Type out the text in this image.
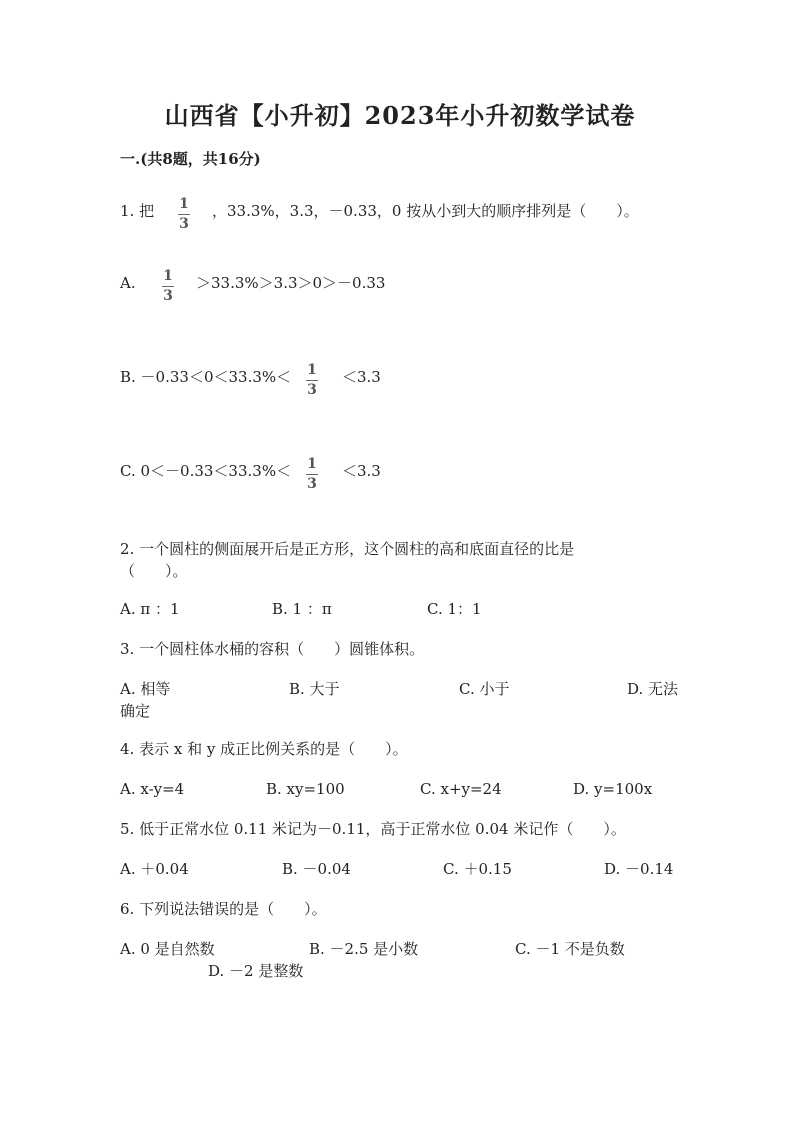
山西省【小升初】2023年小升初数学试卷
一.(共8题，共16分)
1. 把 1
3
，33.3%，3.3，－0.33，0 按从小到大的顺序排列是（　　）。
A. 1
3
＞33.3%＞3.3＞0＞－0.33
B. －0.33＜0＜33.3%＜ 1
3
＜3.3
C. 0＜－0.33＜33.3%＜ 1
3
＜3.3
2. 一个圆柱的侧面展开后是正方形，这个圆柱的高和底面直径的比是
（　　）。
A. π ：1	B. 1 ：π	C. 1：1
3. 一个圆柱体水桶的容积（　　）圆锥体积。
A. 相等	B. 大于	C. 小于	D. 无法
确定
4. 表示 x 和 y 成正比例关系的是（　　）。
A. x-y=4	B. xy=100	C. x+y=24	D. y=100x
5. 低于正常水位 0.11 米记为－0.11，高于正常水位 0.04 米记作（　　）。
A. ＋0.04	B. －0.04	C. ＋0.15	D. －0.14
6. 下列说法错误的是（　　）。
A. 0 是自然数	B. －2.5 是小数	C. －1 不是负数
D. －2 是整数
